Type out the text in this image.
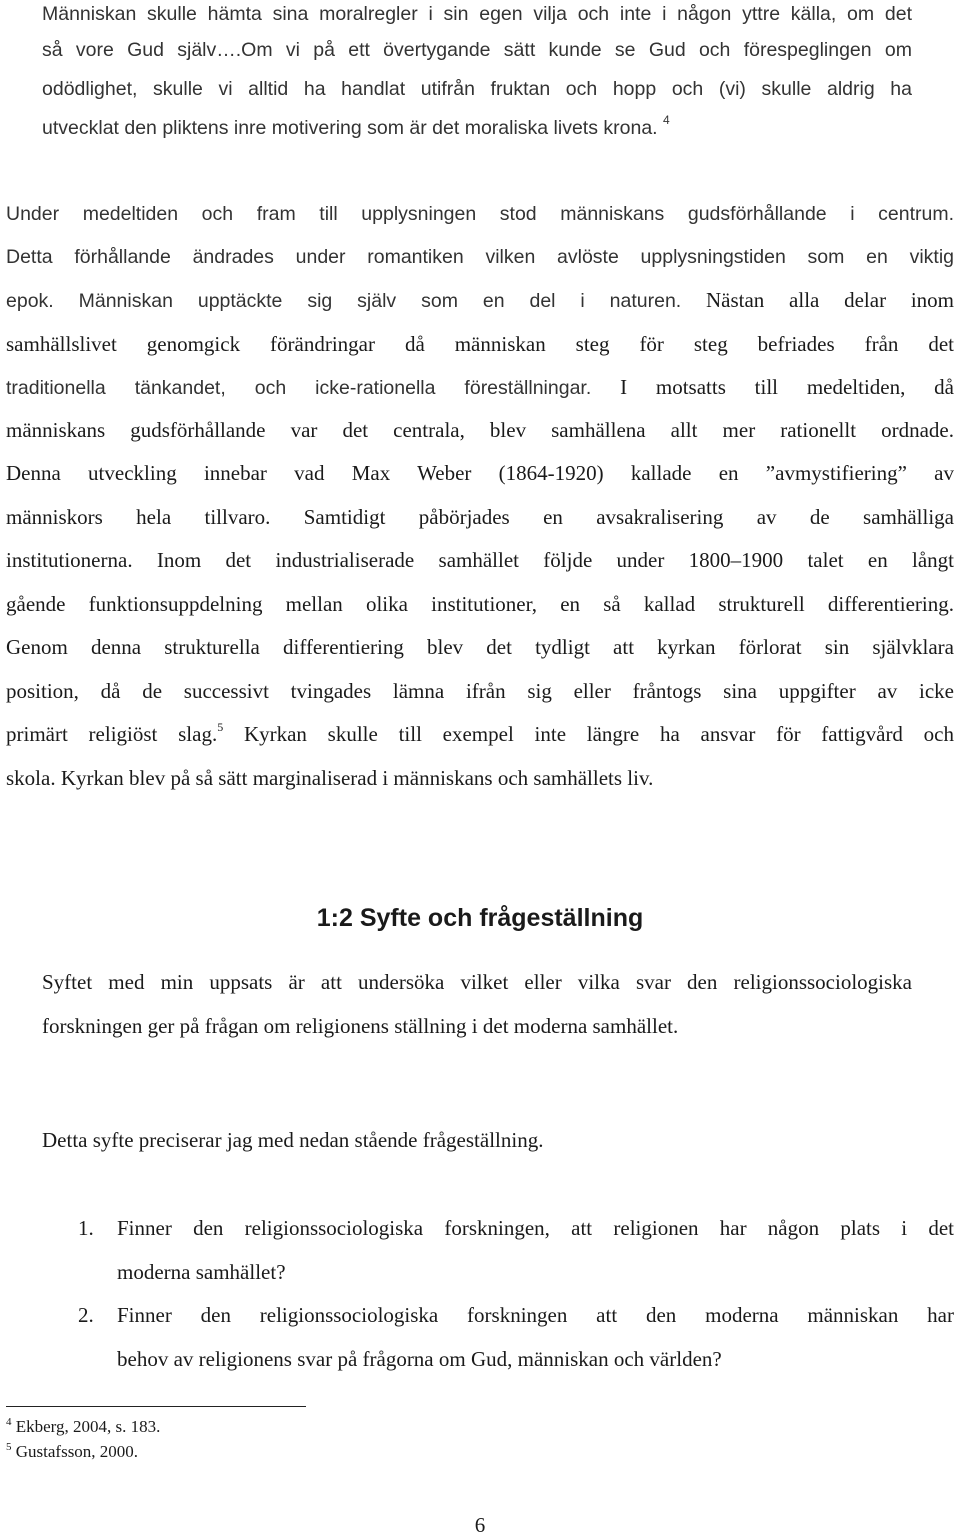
Människan skulle hämta sina moralregler i sin egen vilja och inte i någon yttre källa, om det
så vore Gud själv….Om vi på ett övertygande sätt kunde se Gud och förespeglingen om
odödlighet, skulle vi alltid ha handlat utifrån fruktan och hopp och (vi) skulle aldrig ha
utvecklat den pliktens inre motivering som är det moraliska livets krona. $^4$
Under medeltiden och fram till upplysningen stod människans gudsförhållande i centrum.
Detta förhållande ändrades under romantiken vilken avlöste upplysningstiden som en viktig
epok. Människan upptäckte sig själv som en del i naturen. Nästan alla delar inom
samhällslivet genomgick förändringar då människan steg för steg befriades från det
traditionella tänkandet, och icke-rationella föreställningar. I motsatts till medeltiden, då
människans gudsförhållande var det centrala, blev samhällena allt mer rationellt ordnade.
Denna utveckling innebar vad Max Weber (1864-1920) kallade en ”avmystifiering” av
människors hela tillvaro. Samtidigt påbörjades en avsakralisering av de samhälliga
institutionerna. Inom det industrialiserade samhället följde under 1800–1900 talet en långt
gående funktionsuppdelning mellan olika institutioner, en så kallad strukturell differentiering.
Genom denna strukturella differentiering blev det tydligt att kyrkan förlorat sin självklara
position, då de successivt tvingades lämna ifrån sig eller fråntogs sina uppgifter av icke
primärt religiöst slag.$^5$ Kyrkan skulle till exempel inte längre ha ansvar för fattigvård och
skola. Kyrkan blev på så sätt marginaliserad i människans och samhällets liv.
1:2 Syfte och frågeställning
Syftet med min uppsats är att undersöka vilket eller vilka svar den religionssociologiska
forskningen ger på frågan om religionens ställning i det moderna samhället.
Detta syfte preciserar jag med nedan stående frågeställning.
1. Finner den religionssociologiska forskningen, att religionen har någon plats i det
moderna samhället?
2. Finner den religionssociologiska forskningen att den moderna människan har
behov av religionens svar på frågorna om Gud, människan och världen?
$^4$ Ekberg, 2004, s. 183.
$^5$ Gustafsson, 2000.
6
